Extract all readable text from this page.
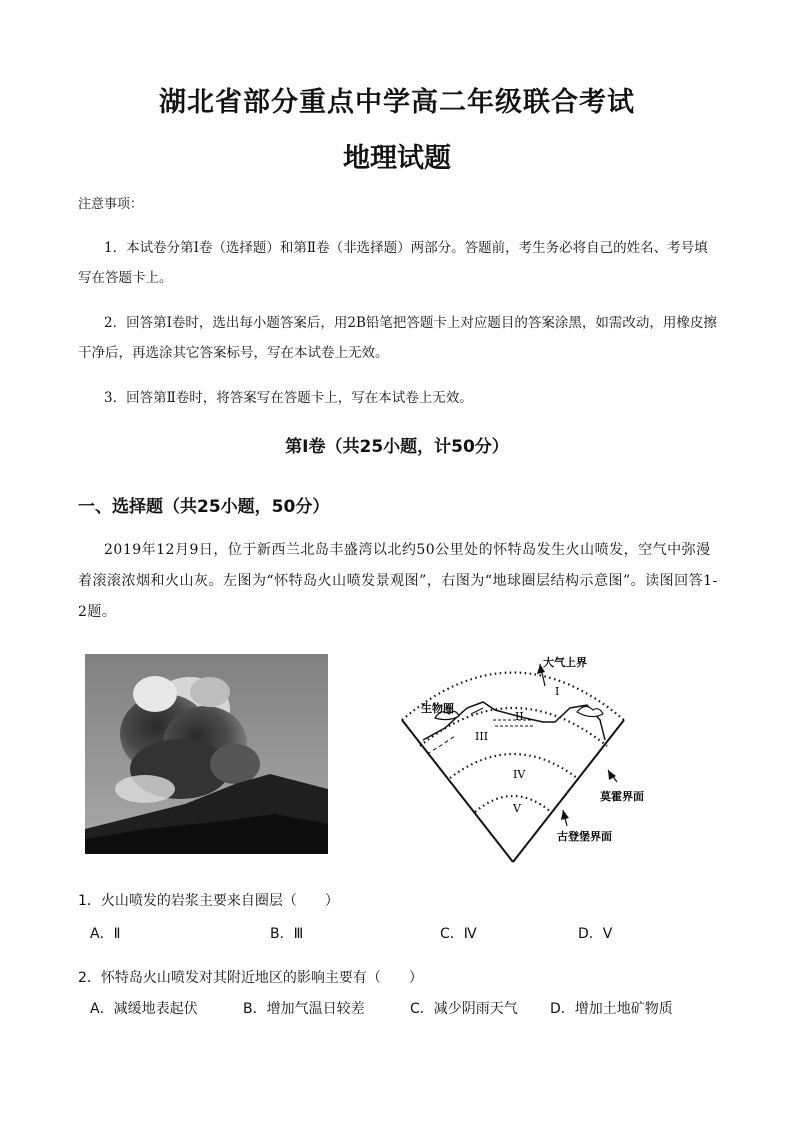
湖北省部分重点中学高二年级联合考试
地理试题
注意事项：
1．本试卷分第Ⅰ卷（选择题）和第Ⅱ卷（非选择题）两部分。答题前，考生务必将自己的姓名、考号填写在答题卡上。
2．回答第Ⅰ卷时，选出每小题答案后，用2B铅笔把答题卡上对应题目的答案涂黑，如需改动，用橡皮擦干净后，再选涂其它答案标号，写在本试卷上无效。
3．回答第Ⅱ卷时，将答案写在答题卡上，写在本试卷上无效。
第Ⅰ卷（共25小题，计50分）
一、选择题（共25小题，50分）
2019年12月9日，位于新西兰北岛丰盛湾以北约50公里处的怀特岛发生火山喷发，空气中弥漫着滚滚浓烟和火山灰。左图为“怀特岛火山喷发景观图”，右图为“地球圈层结构示意图”。读图回答1-2题。
大气上界
生物圈
莫霍界面
古登堡界面
I
II
III
IV
V
1．火山喷发的岩浆主要来自圈层（　　）
A．Ⅱ	B．Ⅲ	C．Ⅳ	D．Ⅴ
2．怀特岛火山喷发对其附近地区的影响主要有（　　）
A．减缓地表起伏	B．增加气温日较差	C．减少阴雨天气 D．增加土地矿物质
